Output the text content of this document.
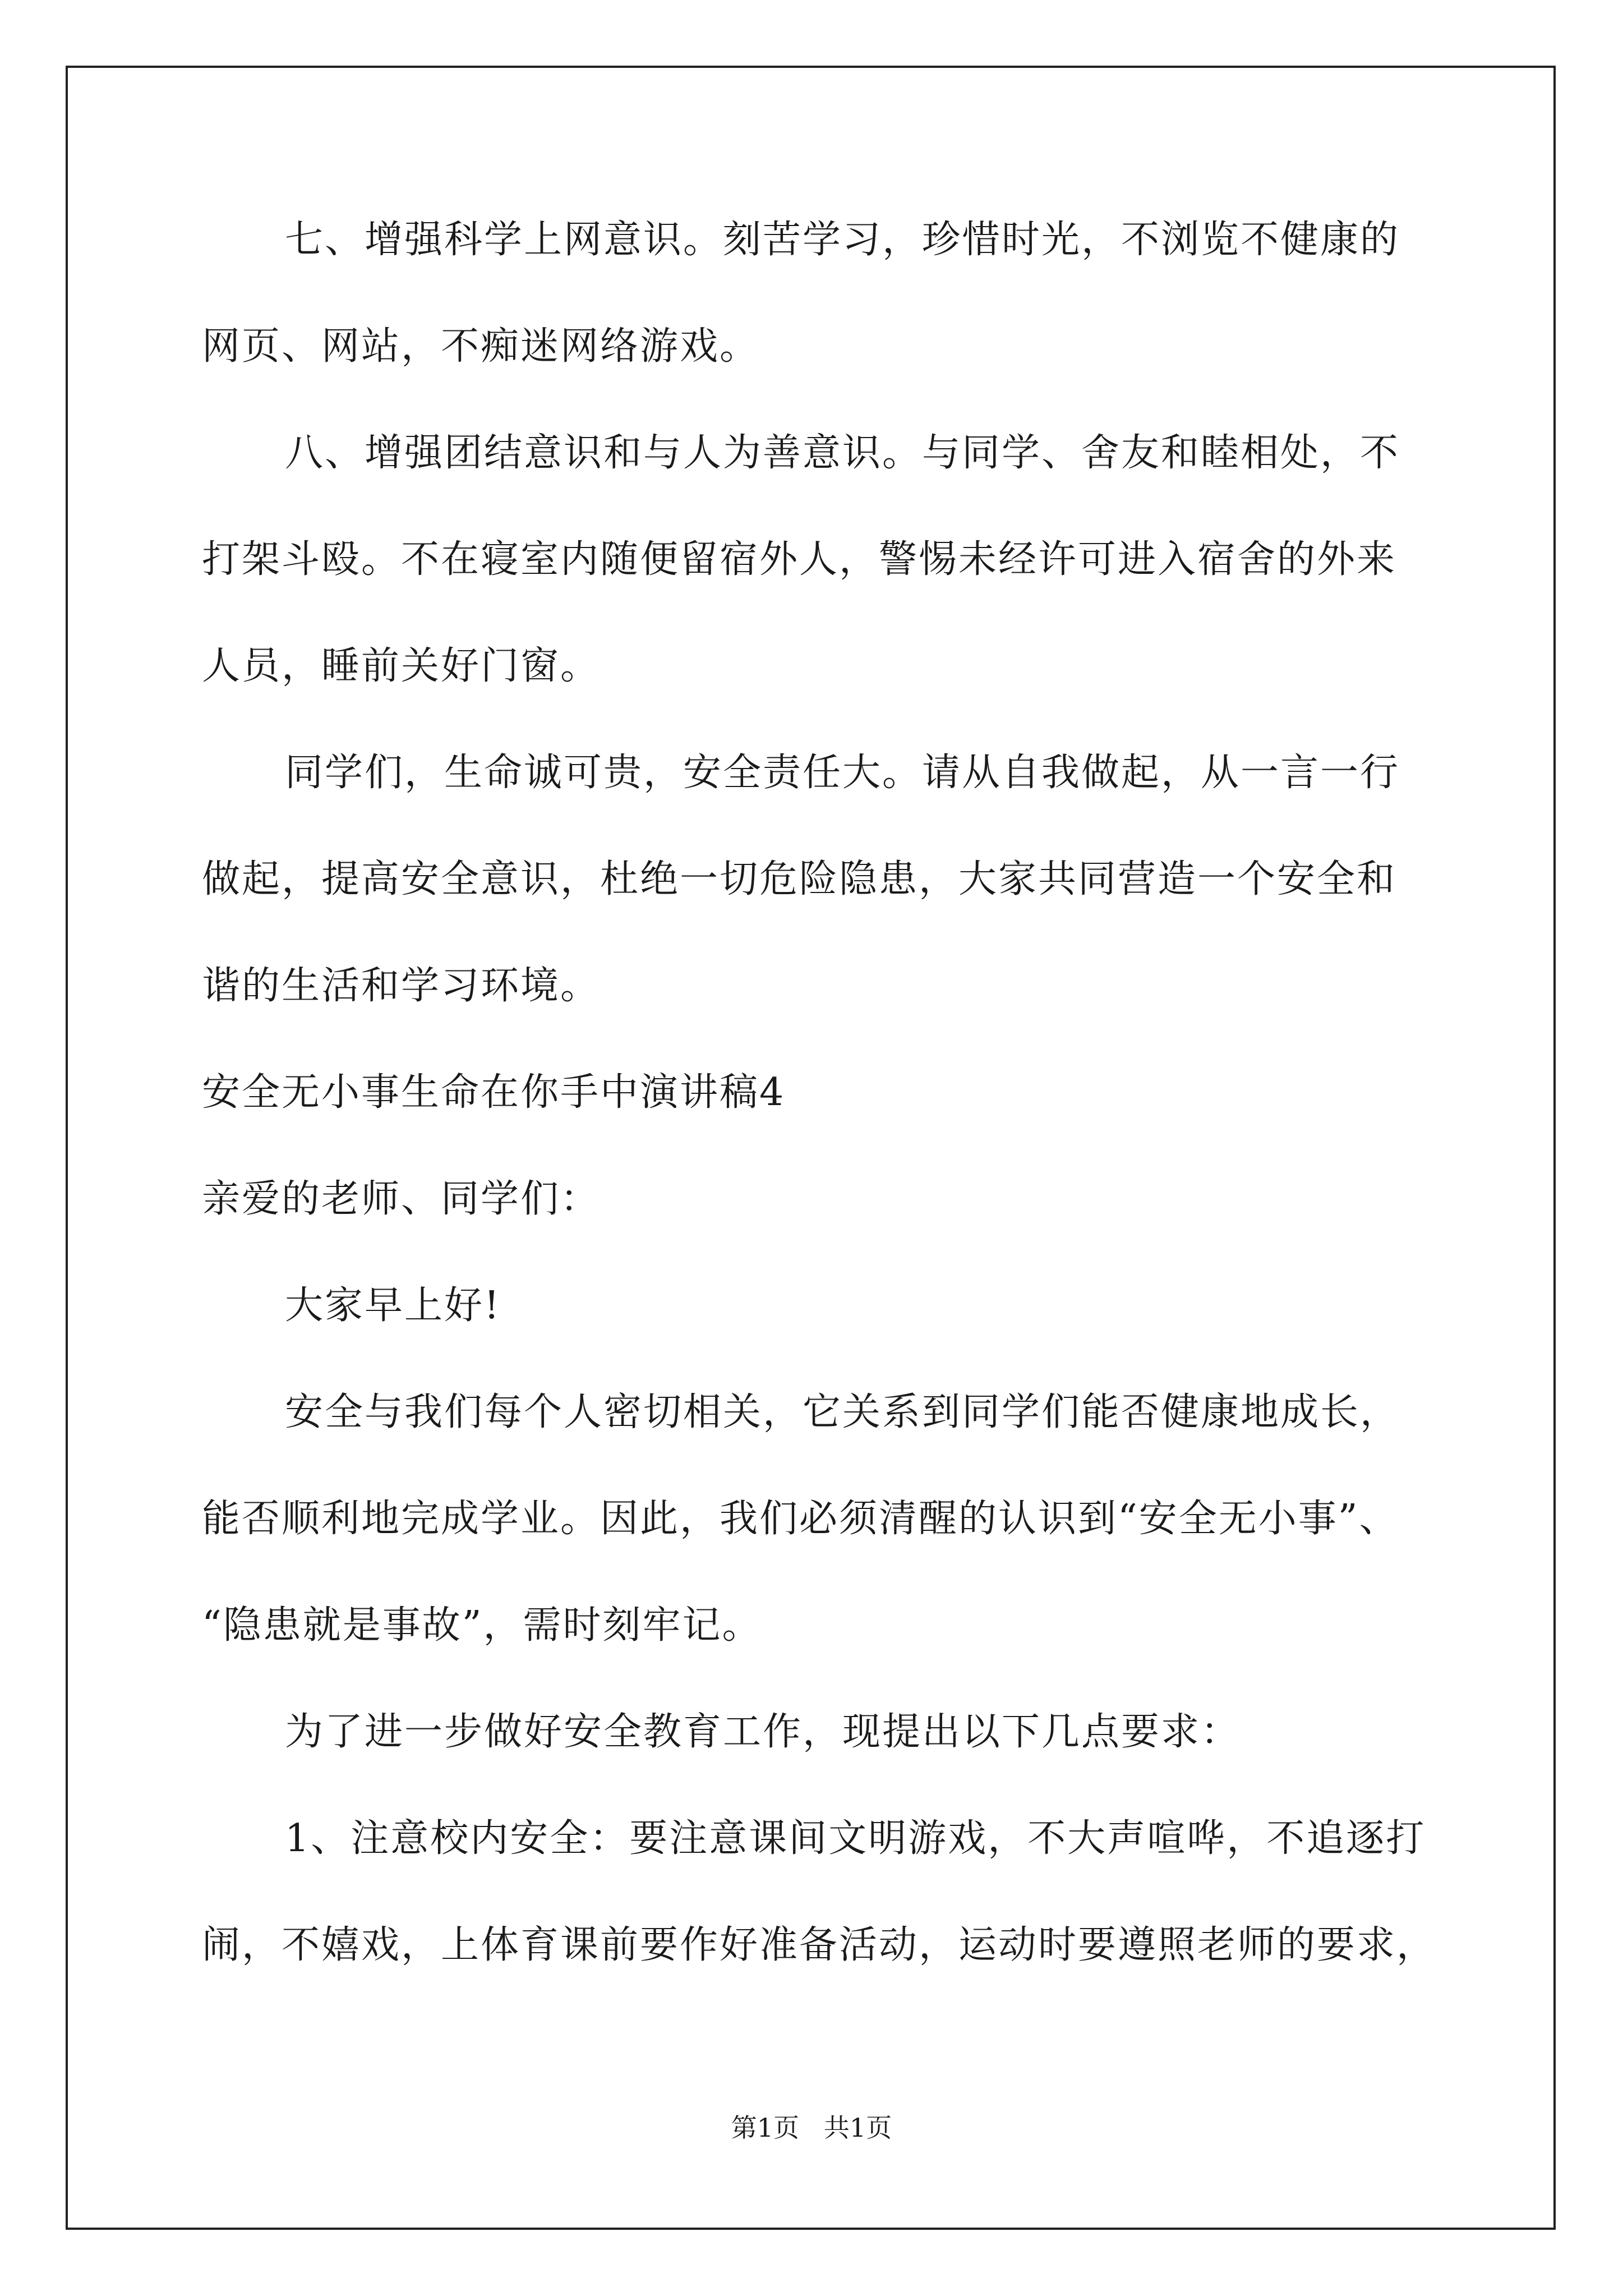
七、增强科学上网意识。刻苦学习，珍惜时光，不浏览不健康的
网页、网站，不痴迷网络游戏。
八、增强团结意识和与人为善意识。与同学、舍友和睦相处，不
打架斗殴。不在寝室内随便留宿外人，警惕未经许可进入宿舍的外来
人员，睡前关好门窗。
同学们，生命诚可贵，安全责任大。请从自我做起，从一言一行
做起，提高安全意识，杜绝一切危险隐患，大家共同营造一个安全和
谐的生活和学习环境。
安全无小事生命在你手中演讲稿4
亲爱的老师、同学们：
大家早上好!
安全与我们每个人密切相关，它关系到同学们能否健康地成长，
能否顺利地完成学业。因此，我们必须清醒的认识到“安全无小事”、
“隐患就是事故”，需时刻牢记。
为了进一步做好安全教育工作，现提出以下几点要求：
1、注意校内安全：要注意课间文明游戏，不大声喧哗，不追逐打
闹，不嬉戏，上体育课前要作好准备活动，运动时要遵照老师的要求，
第1页   共1页
